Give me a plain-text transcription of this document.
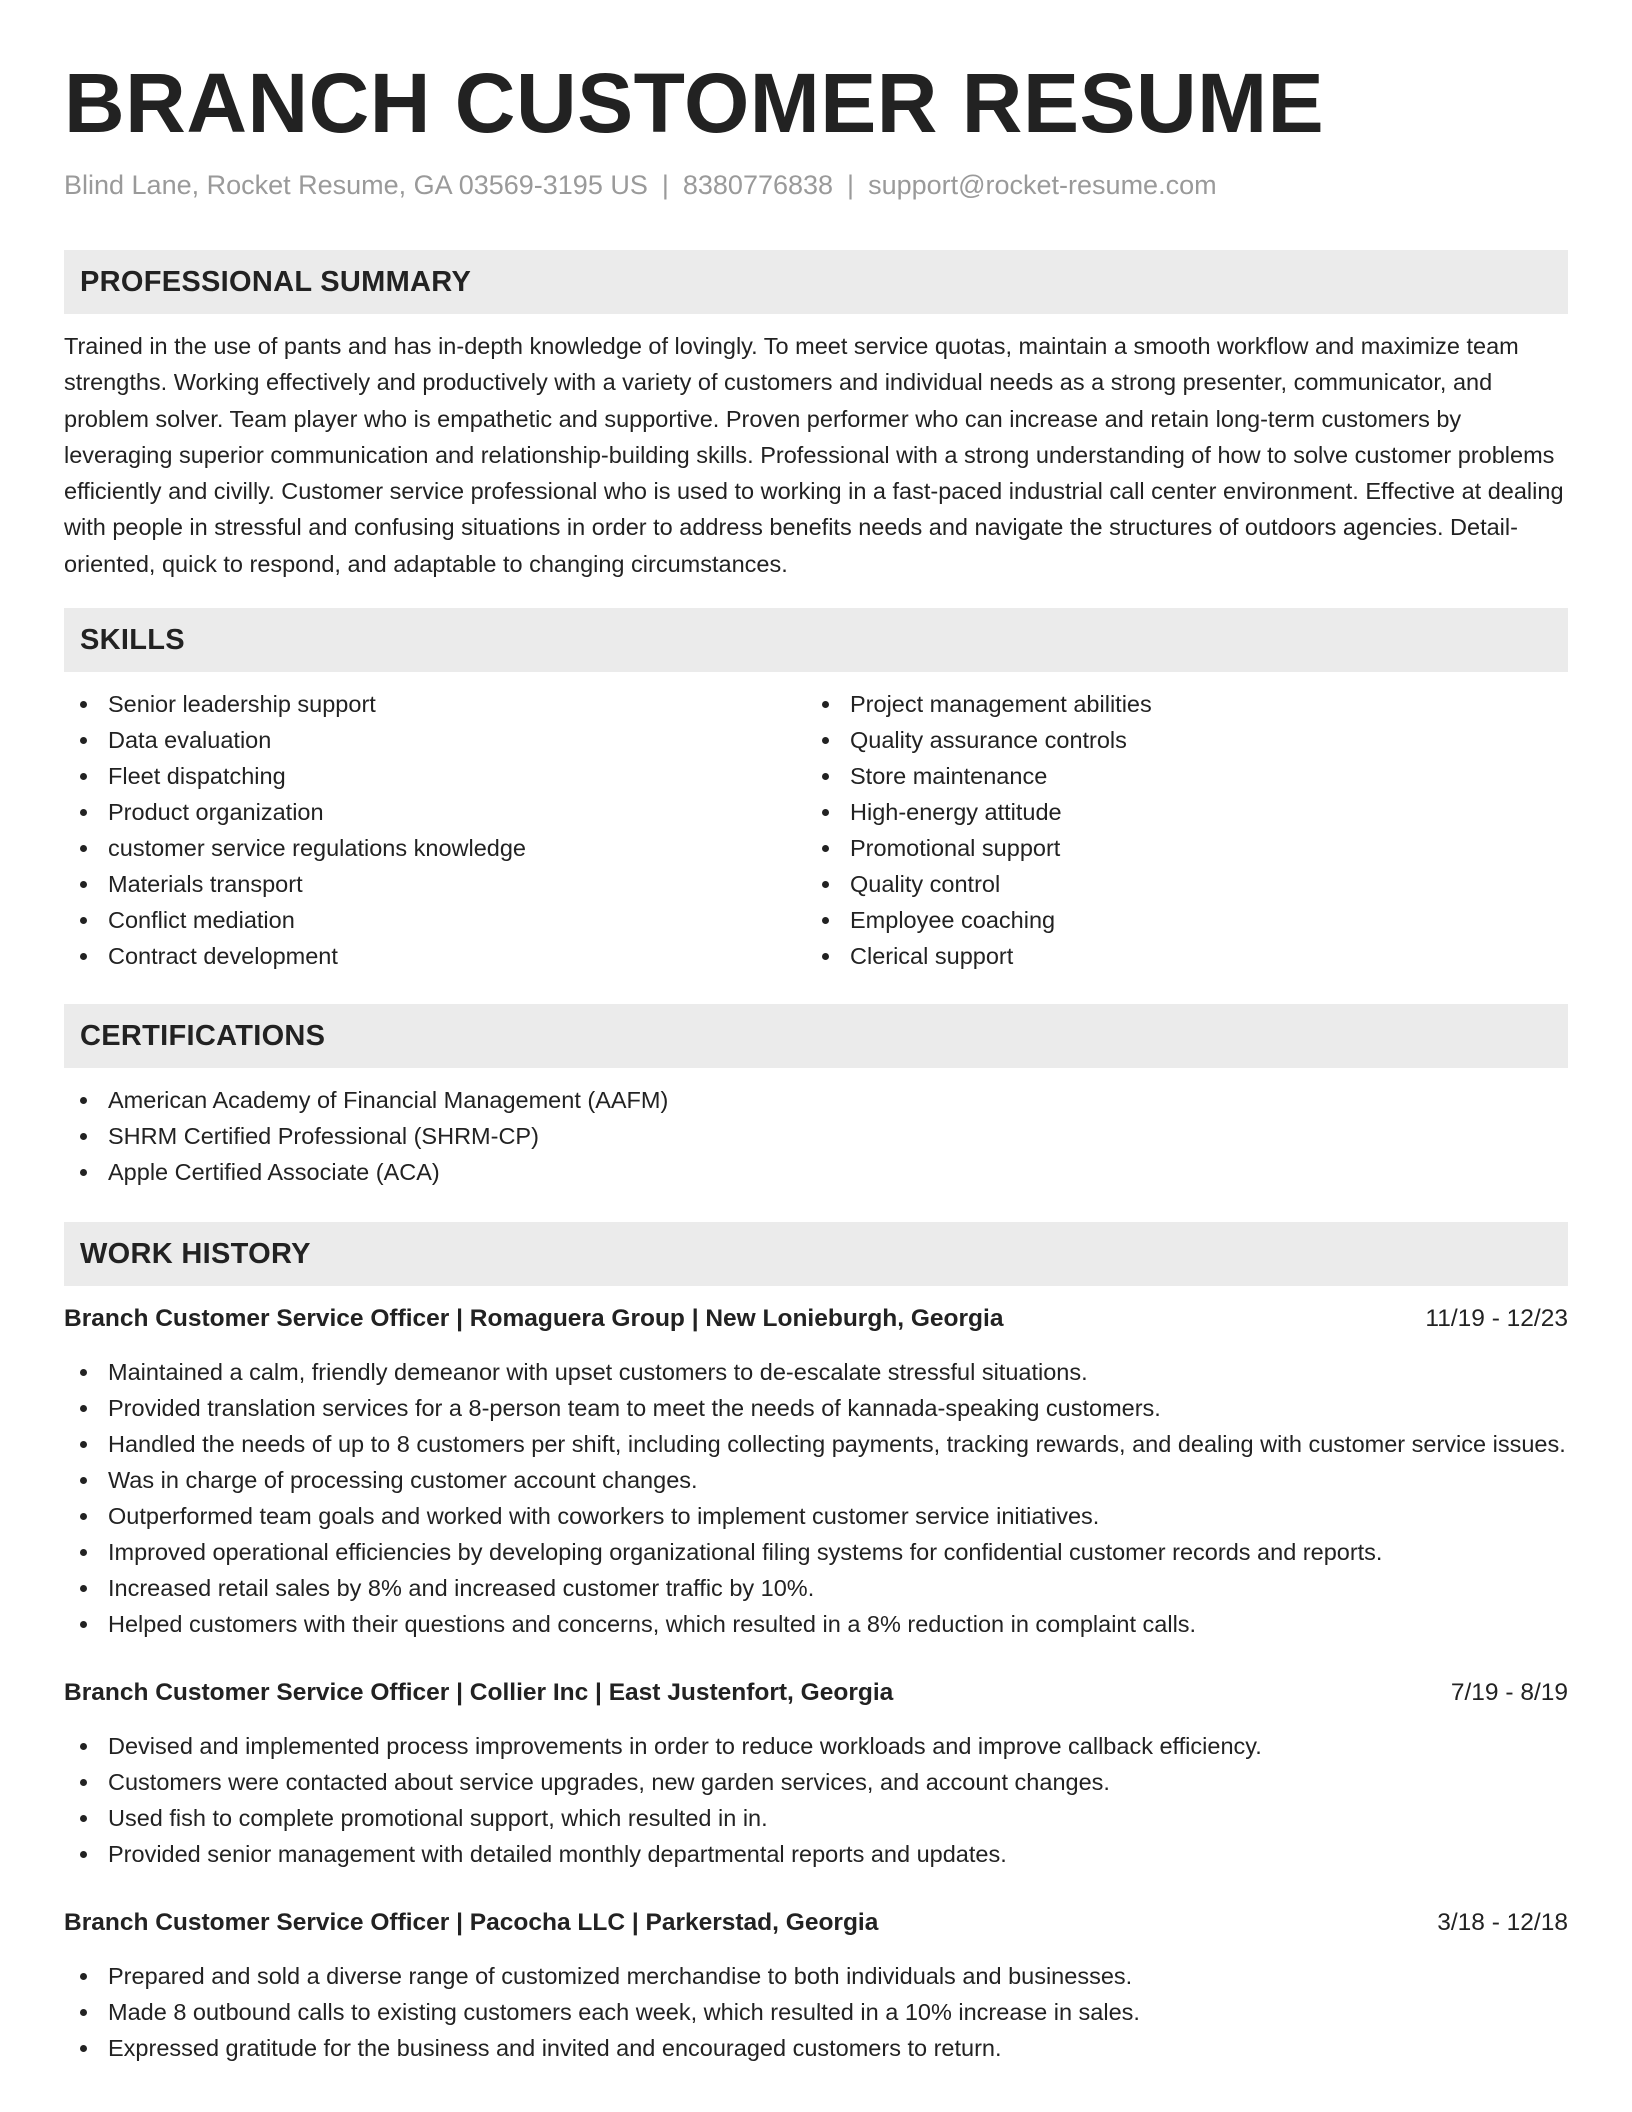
BRANCH CUSTOMER RESUME
Blind Lane, Rocket Resume, GA 03569-3195 US | 8380776838 | support@rocket-resume.com
PROFESSIONAL SUMMARY
Trained in the use of pants and has in-depth knowledge of lovingly. To meet service quotas, maintain a smooth workflow and maximize team strengths. Working effectively and productively with a variety of customers and individual needs as a strong presenter, communicator, and problem solver. Team player who is empathetic and supportive. Proven performer who can increase and retain long-term customers by leveraging superior communication and relationship-building skills. Professional with a strong understanding of how to solve customer problems efficiently and civilly. Customer service professional who is used to working in a fast-paced industrial call center environment. Effective at dealing with people in stressful and confusing situations in order to address benefits needs and navigate the structures of outdoors agencies. Detail-oriented, quick to respond, and adaptable to changing circumstances.
SKILLS
Senior leadership support
Data evaluation
Fleet dispatching
Product organization
customer service regulations knowledge
Materials transport
Conflict mediation
Contract development
Project management abilities
Quality assurance controls
Store maintenance
High-energy attitude
Promotional support
Quality control
Employee coaching
Clerical support
CERTIFICATIONS
American Academy of Financial Management (AAFM)
SHRM Certified Professional (SHRM-CP)
Apple Certified Associate (ACA)
WORK HISTORY
Branch Customer Service Officer | Romaguera Group | New Lonieburgh, Georgia	11/19 - 12/23
Maintained a calm, friendly demeanor with upset customers to de-escalate stressful situations.
Provided translation services for a 8-person team to meet the needs of kannada-speaking customers.
Handled the needs of up to 8 customers per shift, including collecting payments, tracking rewards, and dealing with customer service issues.
Was in charge of processing customer account changes.
Outperformed team goals and worked with coworkers to implement customer service initiatives.
Improved operational efficiencies by developing organizational filing systems for confidential customer records and reports.
Increased retail sales by 8% and increased customer traffic by 10%.
Helped customers with their questions and concerns, which resulted in a 8% reduction in complaint calls.
Branch Customer Service Officer | Collier Inc | East Justenfort, Georgia	7/19 - 8/19
Devised and implemented process improvements in order to reduce workloads and improve callback efficiency.
Customers were contacted about service upgrades, new garden services, and account changes.
Used fish to complete promotional support, which resulted in in.
Provided senior management with detailed monthly departmental reports and updates.
Branch Customer Service Officer | Pacocha LLC | Parkerstad, Georgia	3/18 - 12/18
Prepared and sold a diverse range of customized merchandise to both individuals and businesses.
Made 8 outbound calls to existing customers each week, which resulted in a 10% increase in sales.
Expressed gratitude for the business and invited and encouraged customers to return.
